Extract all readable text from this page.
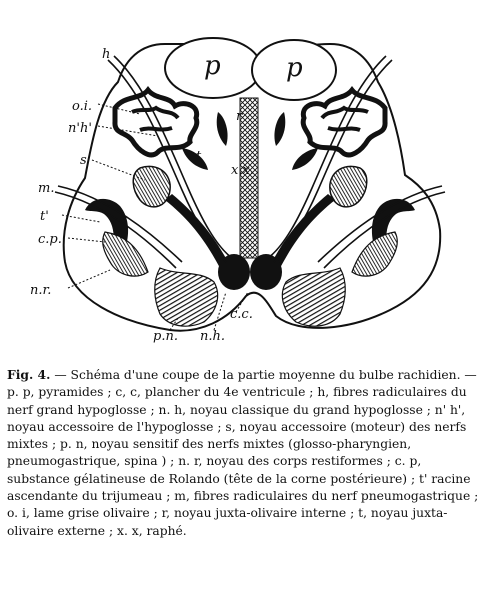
h
o.i.
n'h'
s
m.
t'
c.p.
n.r.
p.n. n.h.
c.c.
r
t
x.x.
p	p

Fig. 4. — Schéma d'une coupe de la partie moyenne du bulbe rachidien. — p. p, pyramides ; c, c, plancher du 4e ventricule ; h, fibres radiculaires du nerf grand hypoglosse ; n. h, noyau classique du grand hypoglosse ; n' h', noyau accessoire de l'hypoglosse ; s, noyau accessoire (moteur) des nerfs mixtes ; p. n, noyau sensitif des nerfs mixtes (glosso-pharyngien, pneumogastrique, spina ) ; n. r, noyau des corps restiformes ; c. p, substance gélatineuse de Rolando (tête de la corne postérieure) ; t' racine ascendante du trijumeau ; m, fibres radiculaires du nerf pneumogastrique ; o. i, lame grise olivaire ; r, noyau juxta-olivaire interne ; t, noyau juxta-olivaire externe ; x. x, raphé.
